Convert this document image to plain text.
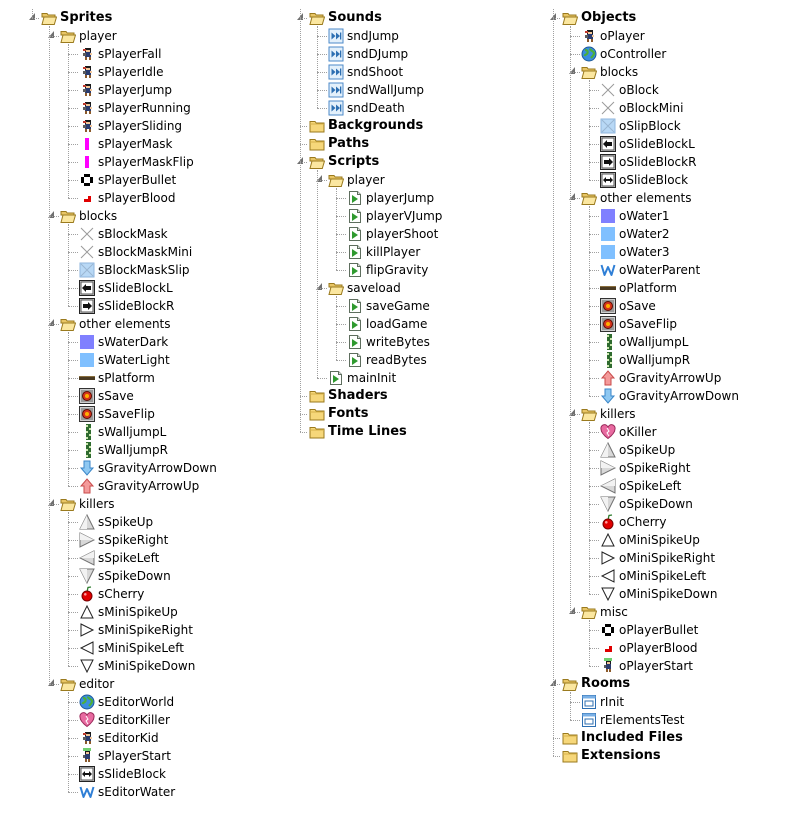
Sprites
player
sPlayerFall
sPlayerIdle
sPlayerJump
sPlayerRunning
sPlayerSliding
sPlayerMask
sPlayerMaskFlip
sPlayerBullet
sPlayerBlood
blocks
sBlockMask
sBlockMaskMini
sBlockMaskSlip
sSlideBlockL
sSlideBlockR
other elements
sWaterDark
sWaterLight
sPlatform
sSave
sSaveFlip
sWalljumpL
sWalljumpR
sGravityArrowDown
sGravityArrowUp
killers
sSpikeUp
sSpikeRight
sSpikeLeft
sSpikeDown
sCherry
sMiniSpikeUp
sMiniSpikeRight
sMiniSpikeLeft
sMiniSpikeDown
editor
sEditorWorld
sEditorKiller
sEditorKid
sPlayerStart
sSlideBlock
sEditorWater
Sounds
sndJump
sndDJump
sndShoot
sndWallJump
sndDeath
Backgrounds
Paths
Scripts
player
playerJump
playerVJump
playerShoot
killPlayer
flipGravity
saveload
saveGame
loadGame
writeBytes
readBytes
mainInit
Shaders
Fonts
Time Lines
Objects
oPlayer
oController
blocks
oBlock
oBlockMini
oSlipBlock
oSlideBlockL
oSlideBlockR
oSlideBlock
other elements
oWater1
oWater2
oWater3
oWaterParent
oPlatform
oSave
oSaveFlip
oWalljumpL
oWalljumpR
oGravityArrowUp
oGravityArrowDown
killers
oKiller
oSpikeUp
oSpikeRight
oSpikeLeft
oSpikeDown
oCherry
oMiniSpikeUp
oMiniSpikeRight
oMiniSpikeLeft
oMiniSpikeDown
misc
oPlayerBullet
oPlayerBlood
oPlayerStart
Rooms
rInit
rElementsTest
Included Files
Extensions
